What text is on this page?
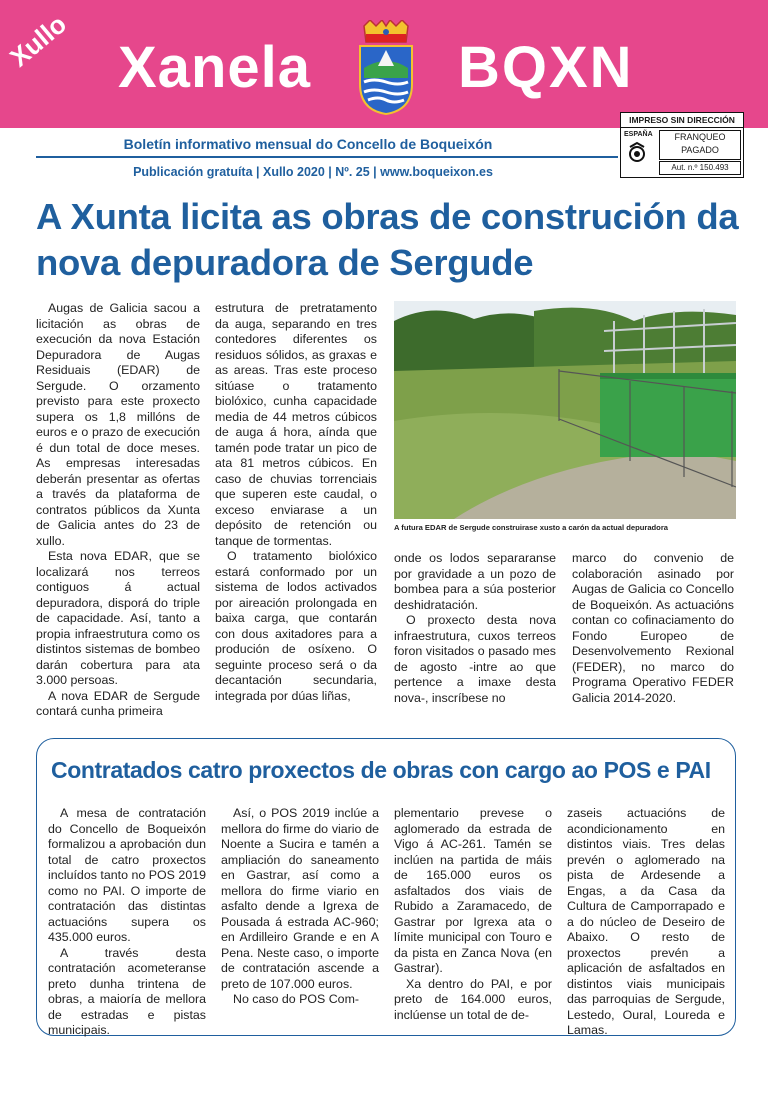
Xullo Xanela	BQXN
Boletín informativo mensual do Concello de Boqueixón
Publicación gratuíta | Xullo 2020 | Nº. 25 | www.boqueixon.es
IMPRESO SIN DIRECCIÓN
ESPAÑA	FRANQUEO
PAGADO
Aut. n.º 150.493
A Xunta licita as obras de construción da nova depuradora de Sergude

Augas de Galicia sacou a licitación as obras de execución da nova Estación Depuradora de Augas Residuais (EDAR) de Sergude. O orzamento previsto para este proxecto supera os 1,8 millóns de euros e o prazo de execución é dun total de doce meses. As empresas interesadas deberán presentar as ofertas a través da plataforma de contratos públicos da Xunta de Galicia antes do 23 de xullo.

Esta nova EDAR, que se localizará nos terreos contiguos á actual depuradora, disporá do triple de capacidade. Así, tanto a propia infraestrutura como os distintos sistemas de bombeo darán cobertura para ata 3.000 persoas.

A nova EDAR de Sergude contará cunha primeira

estrutura de pretratamento da auga, separando en tres contedores diferentes os residuos sólidos, as graxas e as areas. Tras este proceso sitúase o tratamento biolóxico, cunha capacidade media de 44 metros cúbicos de auga á hora, aínda que tamén pode tratar un pico de ata 81 metros cúbicos. En caso de chuvias torrenciais que superen este caudal, o exceso enviarase a un depósito de retención ou tanque de tormentas.

O tratamento biolóxico estará conformado por un sistema de lodos activados por aireación prolongada en baixa carga, que contarán con dous axitadores para a produción de osíxeno. O seguinte proceso será o da decantación secundaria, integrada por dúas liñas,

A futura EDAR de Sergude construirase xusto a carón da actual depuradora

onde os lodos separaranse por gravidade a un pozo de bombea para a súa posterior deshidratación.

O proxecto desta nova infraestrutura, cuxos terreos foron visitados o pasado mes de agosto -intre ao que pertence a imaxe desta nova-, inscríbese no

marco do convenio de colaboración asinado por Augas de Galicia co Concello de Boqueixón. As actuacións contan co cofinaciamento do Fondo Europeo de Desenvolvemento Rexional (FEDER), no marco do Programa Operativo FEDER Galicia 2014-2020.

Contratados catro proxectos de obras con cargo ao POS e PAI

A mesa de contratación do Concello de Boqueixón formalizou a aprobación dun total de catro proxectos incluídos tanto no POS 2019 como no PAI. O importe de contratación das distintas actuacións supera os 435.000 euros.

A través desta contratación acometeranse preto dunha trintena de obras, a maioría de mellora de estradas e pistas municipais.

Así, o POS 2019 inclúe a mellora do firme do viario de Noente a Sucira e tamén a ampliación do saneamento en Gastrar, así como a mellora do firme viario en asfalto dende a Igrexa de Pousada á estrada AC-960; en Ardilleiro Grande e en A Pena. Neste caso, o importe de contratación ascende a preto de 107.000 euros.

No caso do POS Com-

plementario prevese o aglomerado da estrada de Vigo á AC-261. Tamén se inclúen na partida de máis de 165.000 euros os asfaltados dos viais de Rubido a Zaramacedo, de Gastrar por Igrexa ata o límite municipal con Touro e da pista en Zanca Nova (en Gastrar).

Xa dentro do PAI, e por preto de 164.000 euros, inclúense un total de de-

zaseis actuacións de acondicionamento en distintos viais. Tres delas prevén o aglomerado na pista de Ardesende a Engas, a da Casa da Cultura de Camporrapado e a do núcleo de Deseiro de Abaixo. O resto de proxectos prevén a aplicación de asfaltados en distintos viais municipais das parroquias de Sergude, Lestedo, Oural, Loureda e Lamas.
